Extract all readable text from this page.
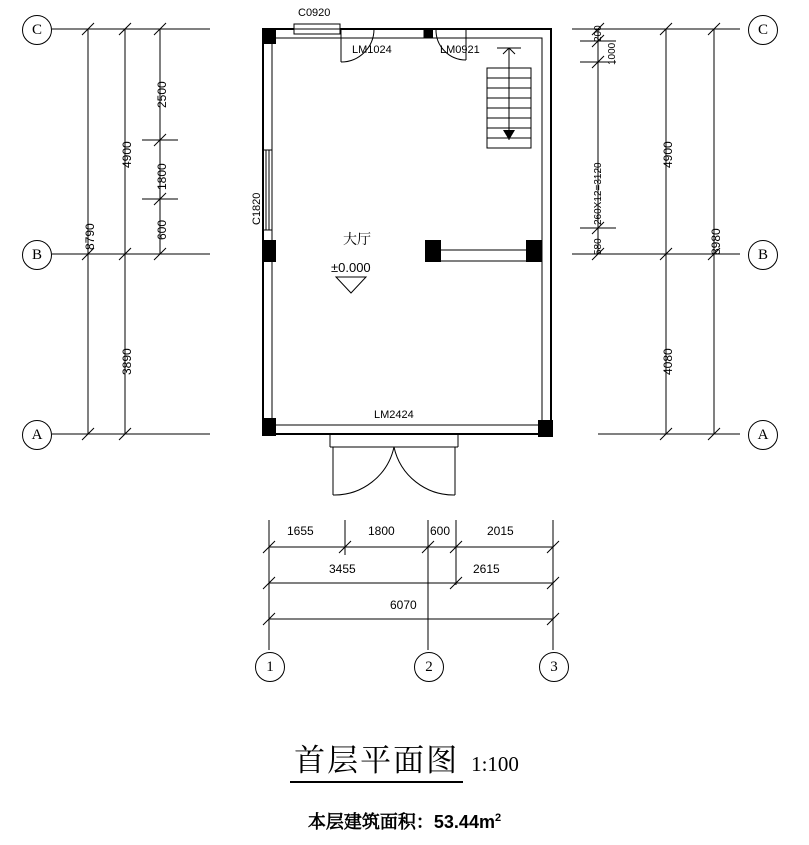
C
B
A
8790
4900
3890
2500
1800
600
C
B
A
200
1000
260X12=3120
580
4900
4080
8980
C0920
LM1024	LM0921
C1820
LM2424
大厅
±0.000
1655	1800	600	2015
3455	2615
6070
1	2	3
首层平面图 1:100
本层建筑面积：$53.44m^2$
